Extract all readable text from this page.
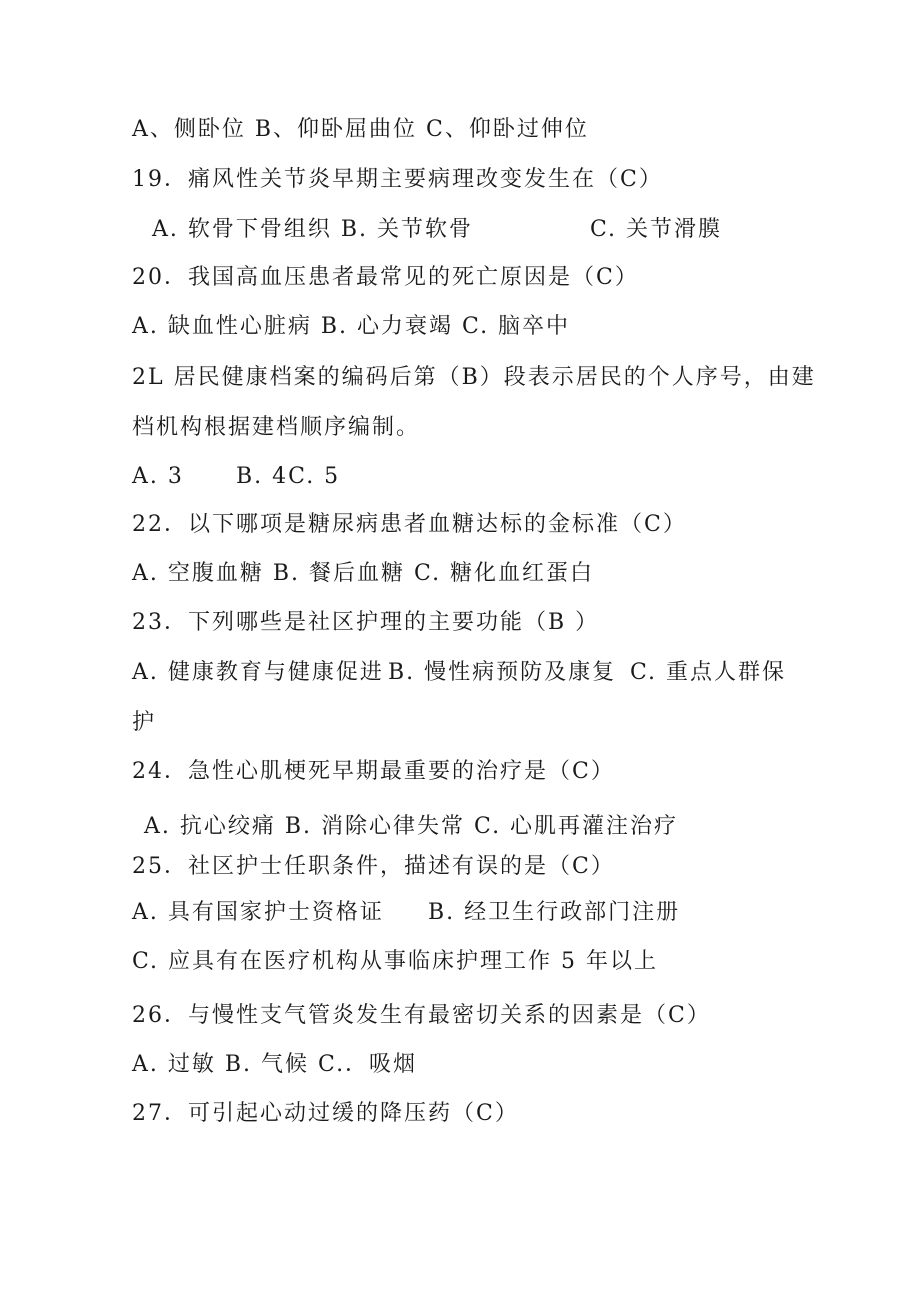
A、侧卧位 B、仰卧屈曲位 C、仰卧过伸位
19．痛风性关节炎早期主要病理改变发生在（C）
A. 软骨下骨组织 B. 关节软骨	C. 关节滑膜
20．我国高血压患者最常见的死亡原因是（C）
A. 缺血性心脏病 B. 心力衰竭 C. 脑卒中
2L 居民健康档案的编码后第（B）段表示居民的个人序号，由建
档机构根据建档顺序编制。
A. 3 B. 4C. 5
22．以下哪项是糖尿病患者血糖达标的金标准（C）
A. 空腹血糖 B. 餐后血糖 C. 糖化血红蛋白
23．下列哪些是社区护理的主要功能（B ）
A. 健康教育与健康促进 B. 慢性病预防及康复 C. 重点人群保
护
24．急性心肌梗死早期最重要的治疗是（C）
A. 抗心绞痛 B. 消除心律失常 C. 心肌再灌注治疗
25．社区护士任职条件，描述有误的是（C）
A. 具有国家护士资格证 B. 经卫生行政部门注册
C. 应具有在医疗机构从事临床护理工作 5 年以上
26．与慢性支气管炎发生有最密切关系的因素是（C）
A. 过敏 B. 气候 C.．吸烟
27．可引起心动过缓的降压药（C）
